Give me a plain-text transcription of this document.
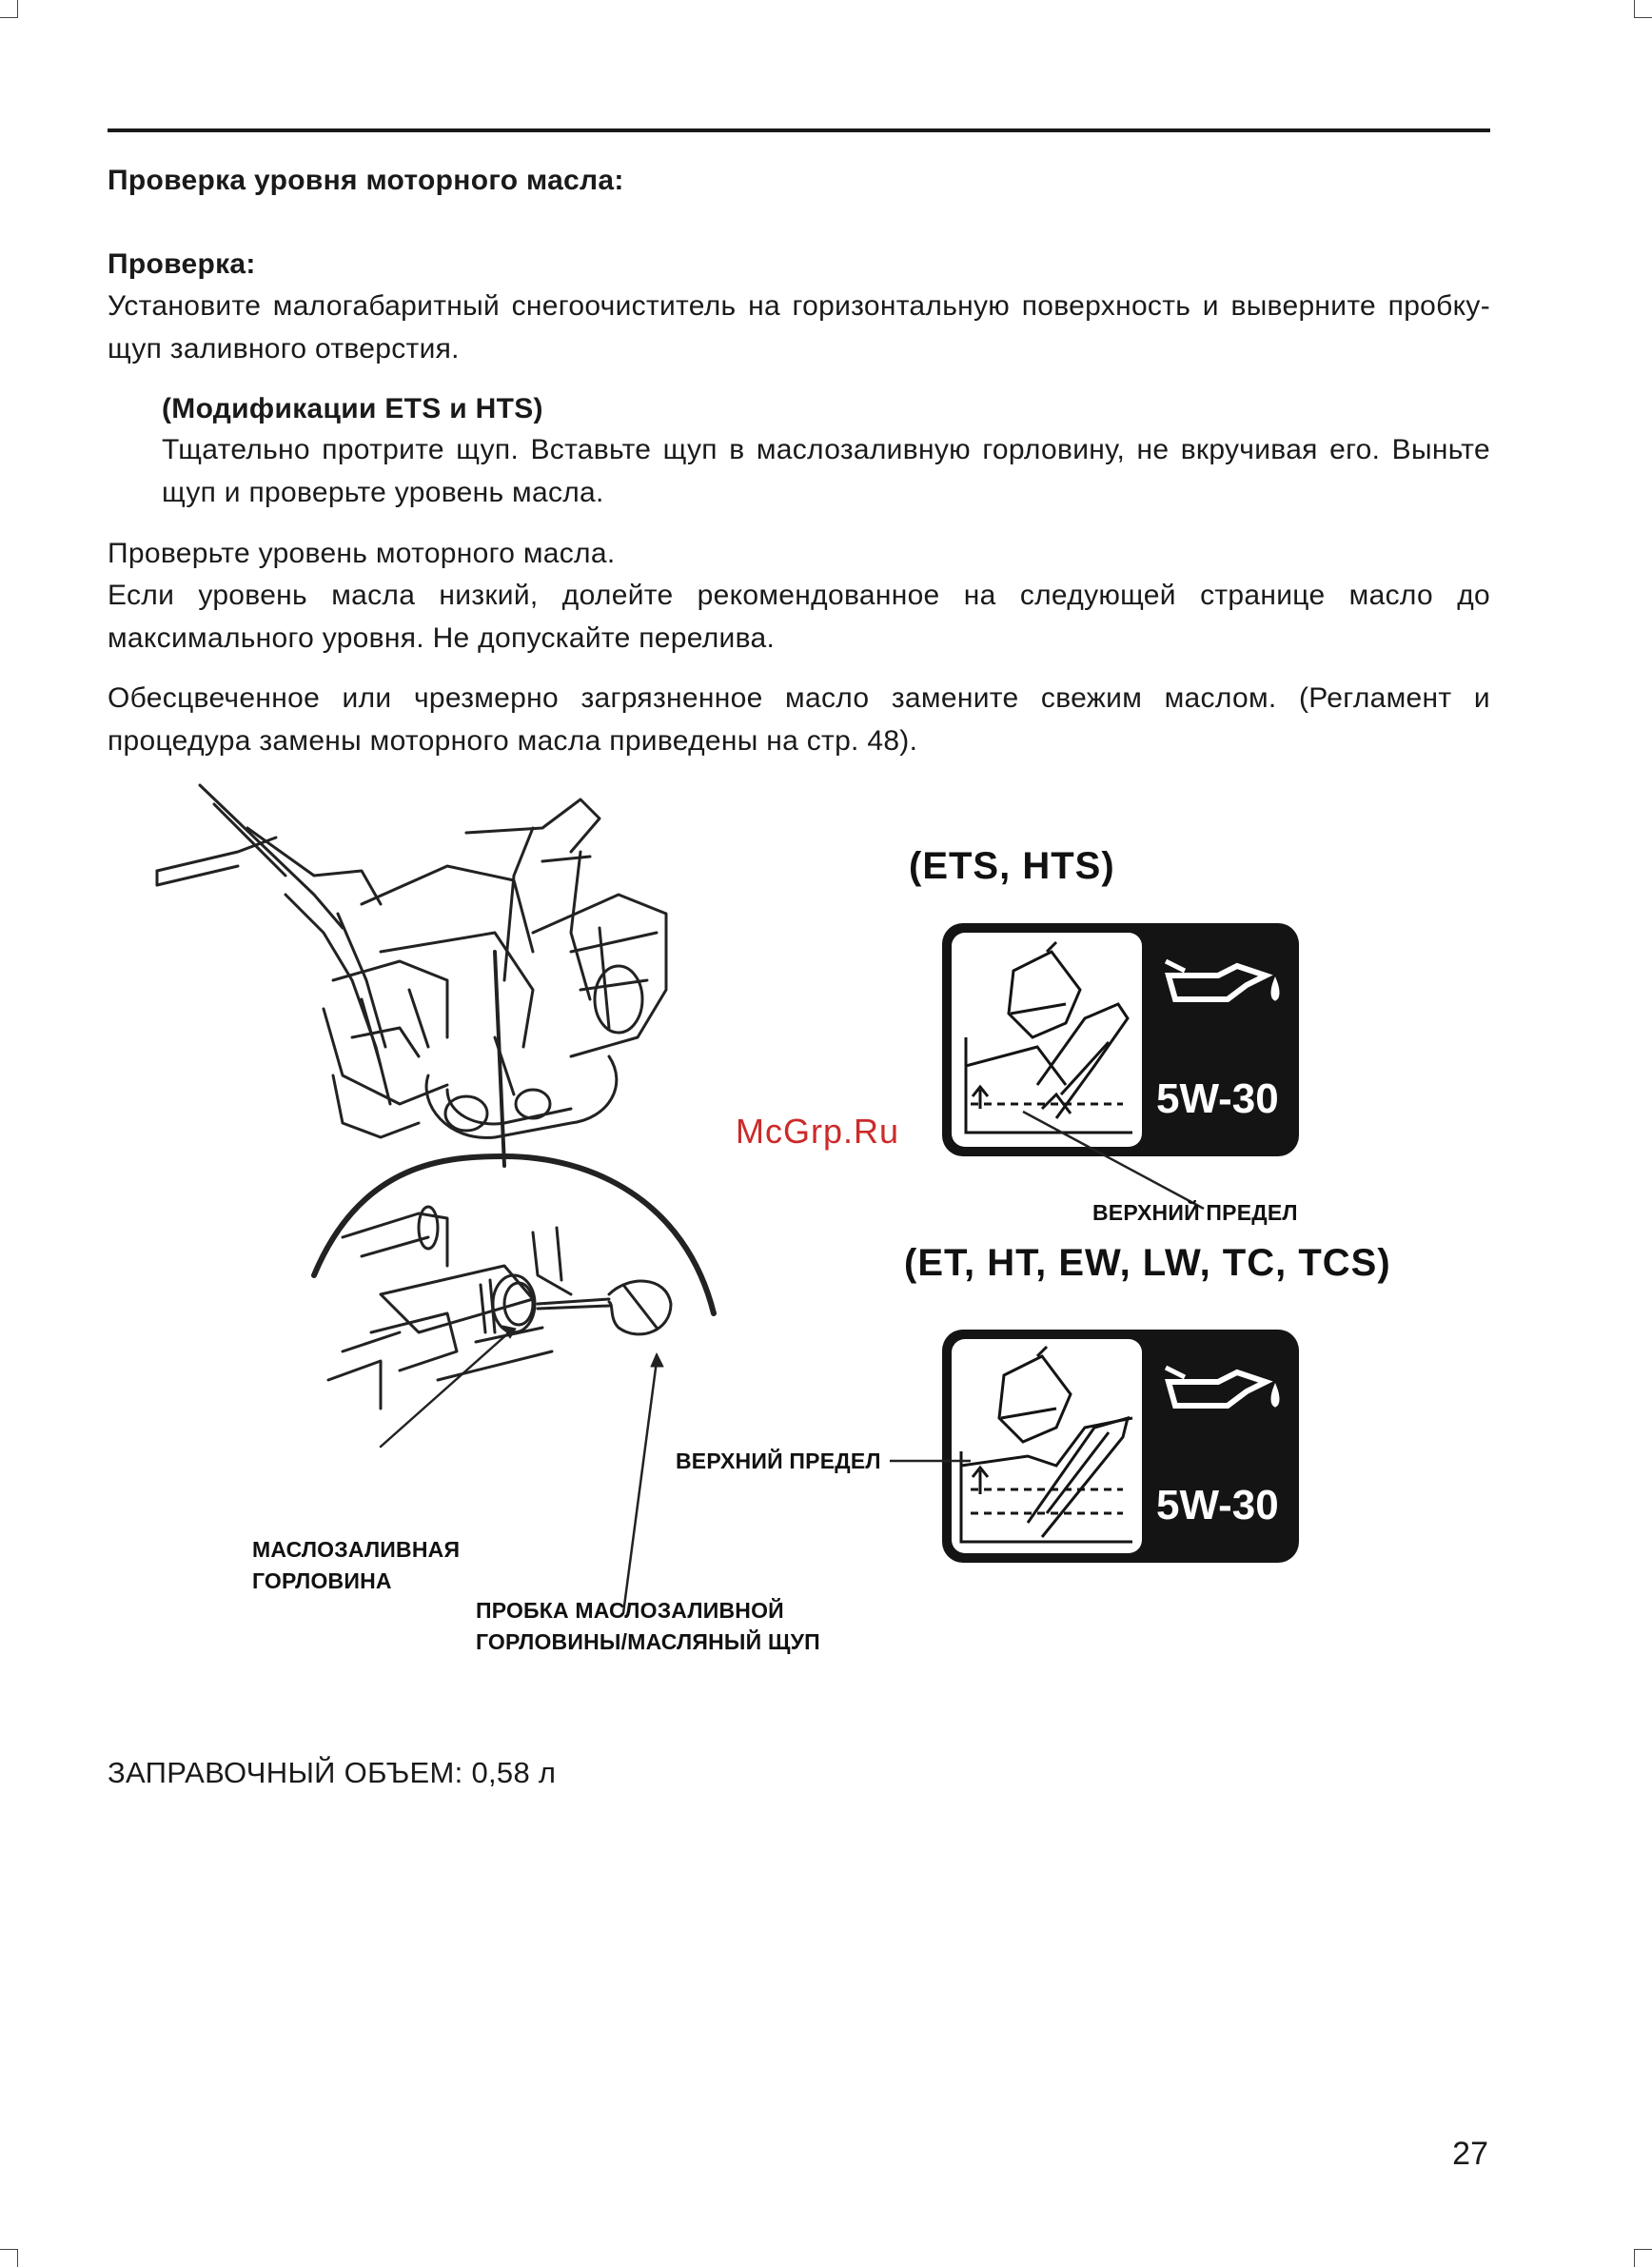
Проверка уровня моторного масла:
Проверка:
Установите малогабаритный снегоочиститель на горизонтальную поверхность и выверните пробку-щуп заливного отверстия.
(Модификации ETS и HTS)
Тщательно протрите щуп. Вставьте щуп в маслозаливную горловину, не вкручивая его. Выньте щуп и проверьте уровень масла.
Проверьте уровень моторного масла.
Если уровень масла низкий, долейте рекомендованное на следующей странице масло до максимального уровня. Не допускайте перелива.
Обесцвеченное или чрезмерно загрязненное масло замените свежим маслом. (Регламент и процедура замены моторного масла приведены на стр. 48).
(ETS, HTS)
(ET, HT, EW, LW, TC, TCS)
5W-30
5W-30
McGrp.Ru
ВЕРХНИЙ ПРЕДЕЛ
ВЕРХНИЙ ПРЕДЕЛ
МАСЛОЗАЛИВНАЯ
ГОРЛОВИНА
ПРОБКА МАСЛОЗАЛИВНОЙ
ГОРЛОВИНЫ/МАСЛЯНЫЙ ЩУП
ЗАПРАВОЧНЫЙ ОБЪЕМ: 0,58 л
27
